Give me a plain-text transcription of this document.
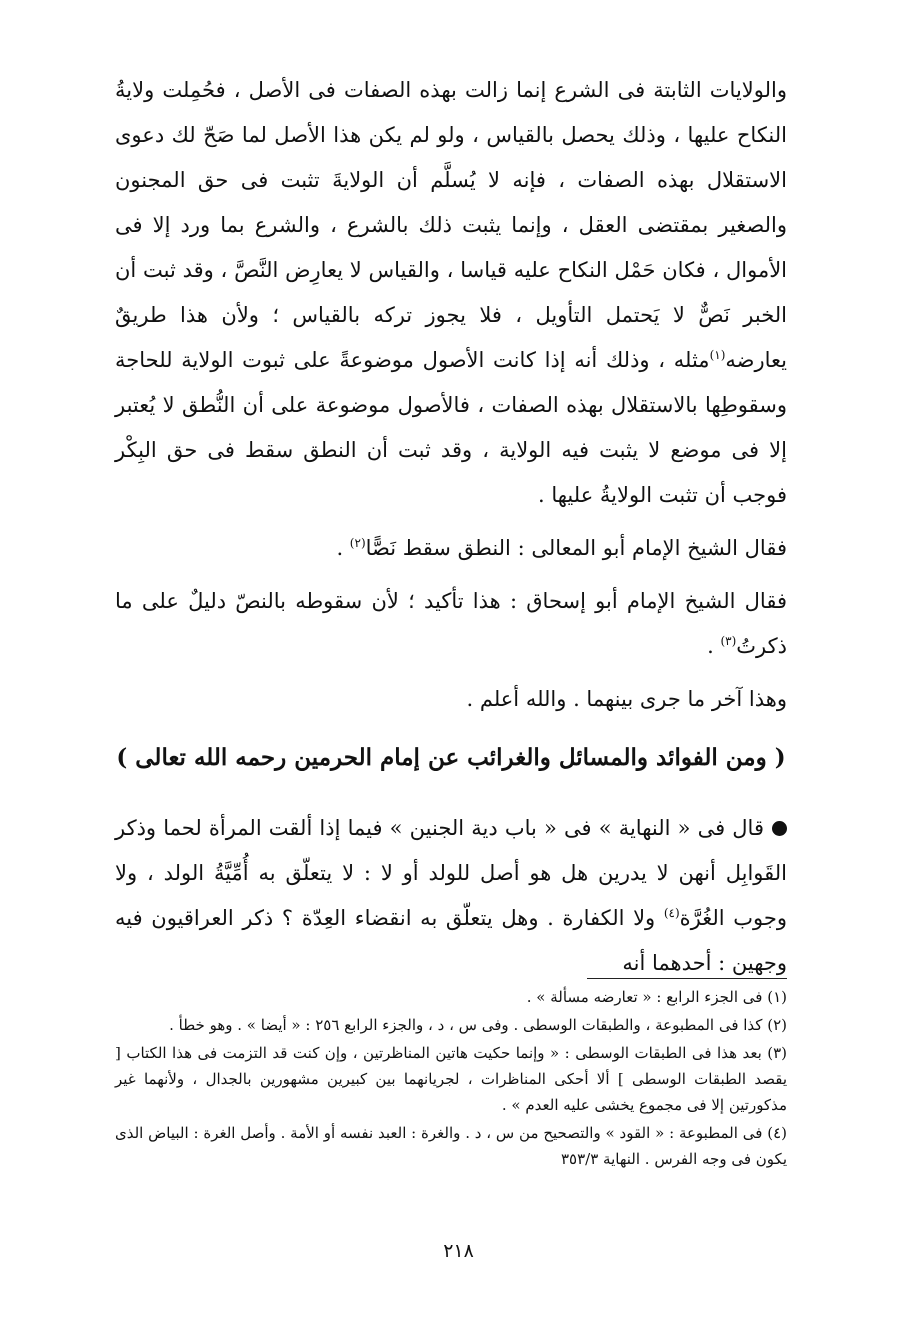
والولايات الثابتة فى الشرع إنما زالت بهذه الصفات فى الأصل ، فحُمِلت ولايةُ النكاح عليها ، وذلك يحصل بالقياس ، ولو لم يكن هذا الأصل لما صَحّ لك دعوى الاستقلال بهذه الصفات ، فإنه لا يُسلَّم أن الولايةَ تثبت فى حق المجنون والصغير بمقتضى العقل ، وإنما يثبت ذلك بالشرع ، والشرع بما ورد إلا فى الأموال ، فكان حَمْل النكاح عليه قياسا ، والقياس لا يعارِض النَّصَّ ، وقد ثبت أن الخبر نَصٌّ لا يَحتمل التأويل ، فلا يجوز تركه بالقياس ؛ ولأن هذا طريقٌ يعارضه$^{(١)}$مثله ، وذلك أنه إذا كانت الأصول موضوعةً على ثبوت الولاية للحاجة وسقوطِها بالاستقلال بهذه الصفات ، فالأصول موضوعة على أن النُّطق لا يُعتبر إلا فى موضع لا يثبت فيه الولاية ، وقد ثبت أن النطق سقط فى حق البِكْر فوجب أن تثبت الولايةُ عليها .

فقال الشيخ الإمام أبو المعالى : النطق سقط نَصًّا$^{(٢)}$ .

فقال الشيخ الإمام أبو إسحاق : هذا تأكيد ؛ لأن سقوطه بالنصّ دليلٌ على ما ذكرتُ$^{(٣)}$ .

وهذا آخر ما جرى بينهما . والله أعلم .

( ومن الفوائد والمسائل والغرائب عن إمام الحرمين رحمه الله تعالى )

قال فى « النهاية » فى « باب دية الجنين » فيما إذا ألقت المرأة لحما وذكر القَوابِل أنهن لا يدرين هل هو أصل للولد أو لا : لا يتعلّق به أُمِّيَّةُ الولد ، ولا وجوب الغُرَّة$^{(٤)}$ ولا الكفارة . وهل يتعلّق به انقضاء العِدّة ؟ ذكر العراقيون فيه وجهين : أحدهما أنه

(١) فى الجزء الرابع : « تعارضه مسألة » .

(٢) كذا فى المطبوعة ، والطبقات الوسطى . وفى س ، د ، والجزء الرابع ٢٥٦ : « أيضا » . وهو خطأ .

(٣) بعد هذا فى الطبقات الوسطى : « وإنما حكيت هاتين المناظرتين ، وإن كنت قد التزمت فى هذا الكتاب [ يقصد الطبقات الوسطى ] ألا أحكى المناظرات ، لجريانهما بين كبيرين مشهورين بالجدال ، ولأنهما غير مذكورتين إلا فى مجموع يخشى عليه العدم » .

(٤) فى المطبوعة : « القود » والتصحيح من س ، د . والغرة : العبد نفسه أو الأمة . وأصل الغرة : البياض الذى يكون فى وجه الفرس . النهاية ٣٥٣/٣

٢١٨
